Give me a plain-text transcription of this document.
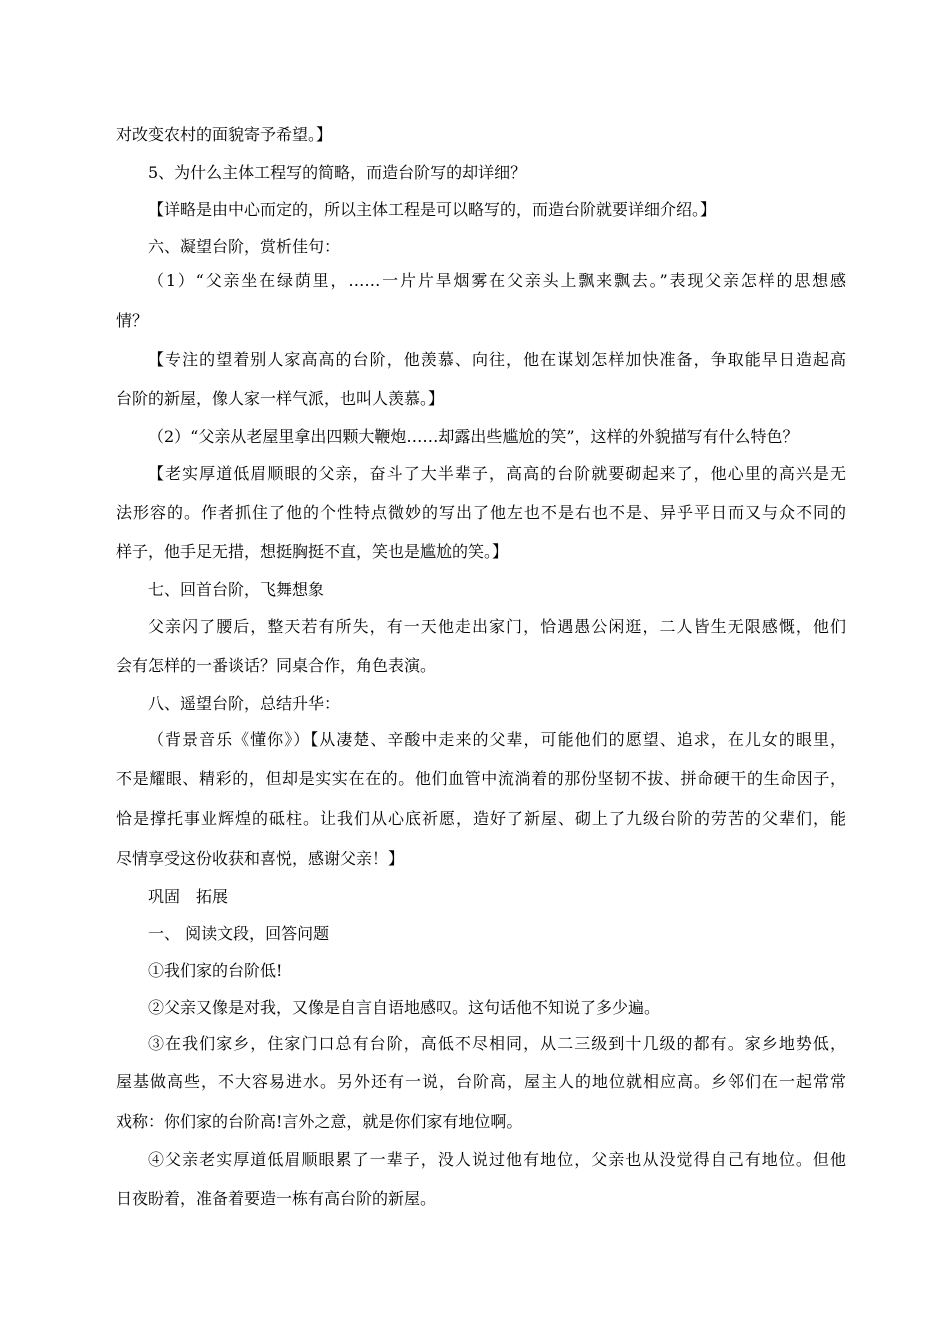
对改变农村的面貌寄予希望。】
5、为什么主体工程写的简略，而造台阶写的却详细？
【详略是由中心而定的，所以主体工程是可以略写的，而造台阶就要详细介绍。】
六、凝望台阶，赏析佳句：
（1）“父亲坐在绿荫里，……一片片旱烟雾在父亲头上飘来飘去。”表现父亲怎样的思想感
情？
【专注的望着别人家高高的台阶，他羡慕、向往，他在谋划怎样加快准备，争取能早日造起高
台阶的新屋，像人家一样气派，也叫人羡慕。】
（2）“父亲从老屋里拿出四颗大鞭炮……却露出些尴尬的笑”，这样的外貌描写有什么特色？
【老实厚道低眉顺眼的父亲，奋斗了大半辈子，高高的台阶就要砌起来了，他心里的高兴是无
法形容的。作者抓住了他的个性特点微妙的写出了他左也不是右也不是、异乎平日而又与众不同的
样子，他手足无措，想挺胸挺不直，笑也是尴尬的笑。】
七、回首台阶，飞舞想象
父亲闪了腰后，整天若有所失，有一天他走出家门，恰遇愚公闲逛，二人皆生无限感慨，他们
会有怎样的一番谈话？同桌合作，角色表演。
八、遥望台阶，总结升华：
（背景音乐《懂你》）【从凄楚、辛酸中走来的父辈，可能他们的愿望、追求，在儿女的眼里，
不是耀眼、精彩的，但却是实实在在的。他们血管中流淌着的那份坚韧不拔、拼命硬干的生命因子，
恰是撑托事业辉煌的砥柱。让我们从心底祈愿，造好了新屋、砌上了九级台阶的劳苦的父辈们，能
尽情享受这份收获和喜悦，感谢父亲！】
巩固　拓展
一、 阅读文段，回答问题
①我们家的台阶低!
②父亲又像是对我，又像是自言自语地感叹。这句话他不知说了多少遍。
③在我们家乡，住家门口总有台阶，高低不尽相同，从二三级到十几级的都有。家乡地势低，
屋基做高些，不大容易进水。另外还有一说，台阶高，屋主人的地位就相应高。乡邻们在一起常常
戏称：你们家的台阶高!言外之意，就是你们家有地位啊。
④父亲老实厚道低眉顺眼累了一辈子，没人说过他有地位，父亲也从没觉得自己有地位。但他
日夜盼着，准备着要造一栋有高台阶的新屋。
